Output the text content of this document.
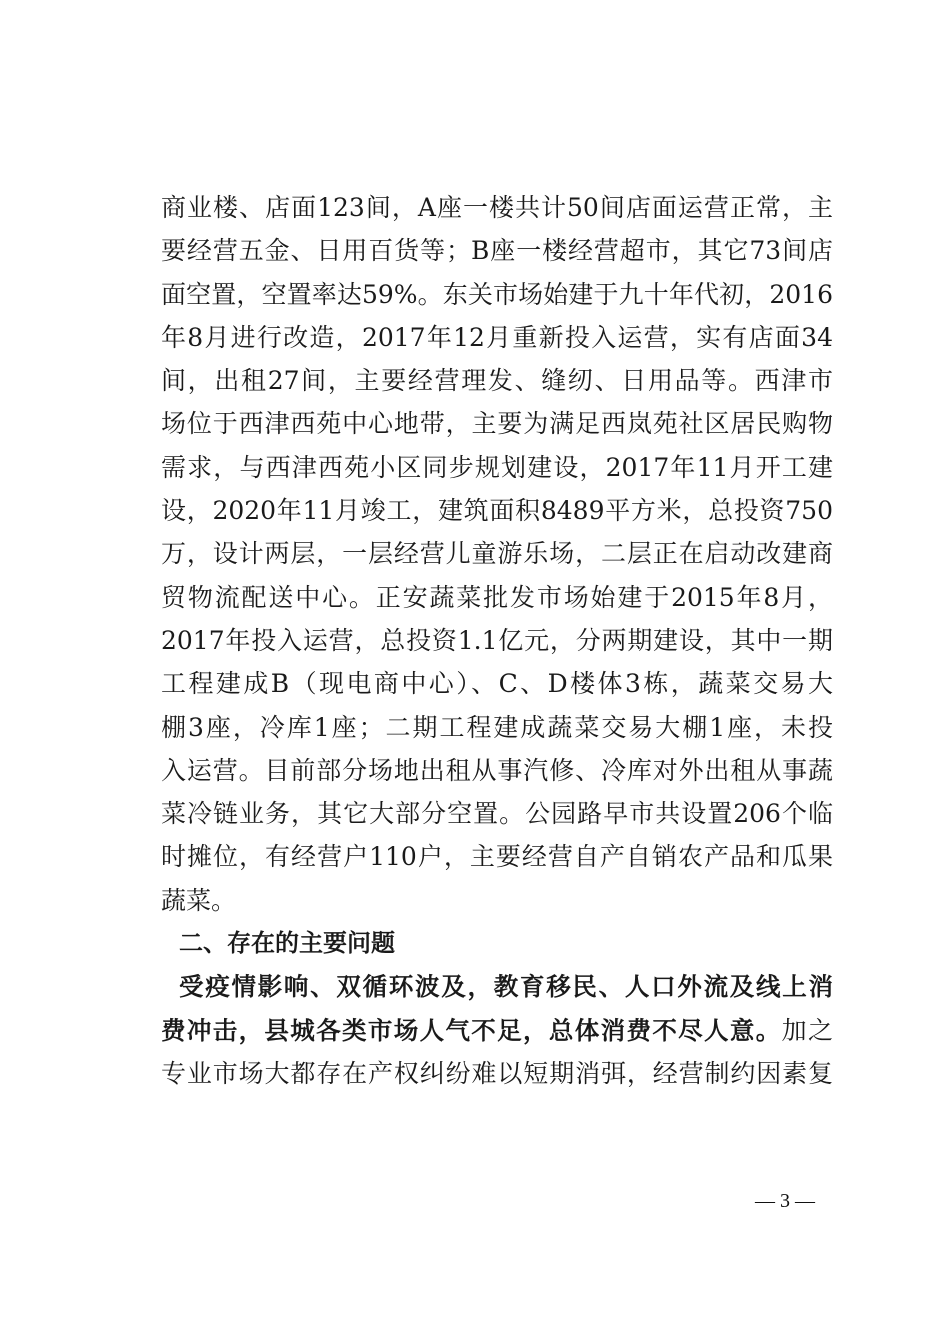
商业楼、店面123间，A座一楼共计50间店面运营正常，主
要经营五金、日用百货等；B座一楼经营超市，其它73间店
面空置，空置率达59%。东关市场始建于九十年代初，2016
年8月进行改造，2017年12月重新投入运营，实有店面34
间，出租27间，主要经营理发、缝纫、日用品等。西津市
场位于西津西苑中心地带，主要为满足西岚苑社区居民购物
需求，与西津西苑小区同步规划建设，2017年11月开工建
设，2020年11月竣工，建筑面积8489平方米，总投资750
万，设计两层，一层经营儿童游乐场，二层正在启动改建商
贸物流配送中心。正安蔬菜批发市场始建于2015年8月，
2017年投入运营，总投资1.1亿元，分两期建设，其中一期
工程建成B（现电商中心）、C、D楼体3栋，蔬菜交易大
棚3座，冷库1座；二期工程建成蔬菜交易大棚1座，未投
入运营。目前部分场地出租从事汽修、冷库对外出租从事蔬
菜冷链业务，其它大部分空置。公园路早市共设置206个临
时摊位，有经营户110户，主要经营自产自销农产品和瓜果
蔬菜。
二、存在的主要问题
受疫情影响、双循环波及，教育移民、人口外流及线上消
费冲击，县城各类市场人气不足，总体消费不尽人意。加之
专业市场大都存在产权纠纷难以短期消弭，经营制约因素复
— 3 —
